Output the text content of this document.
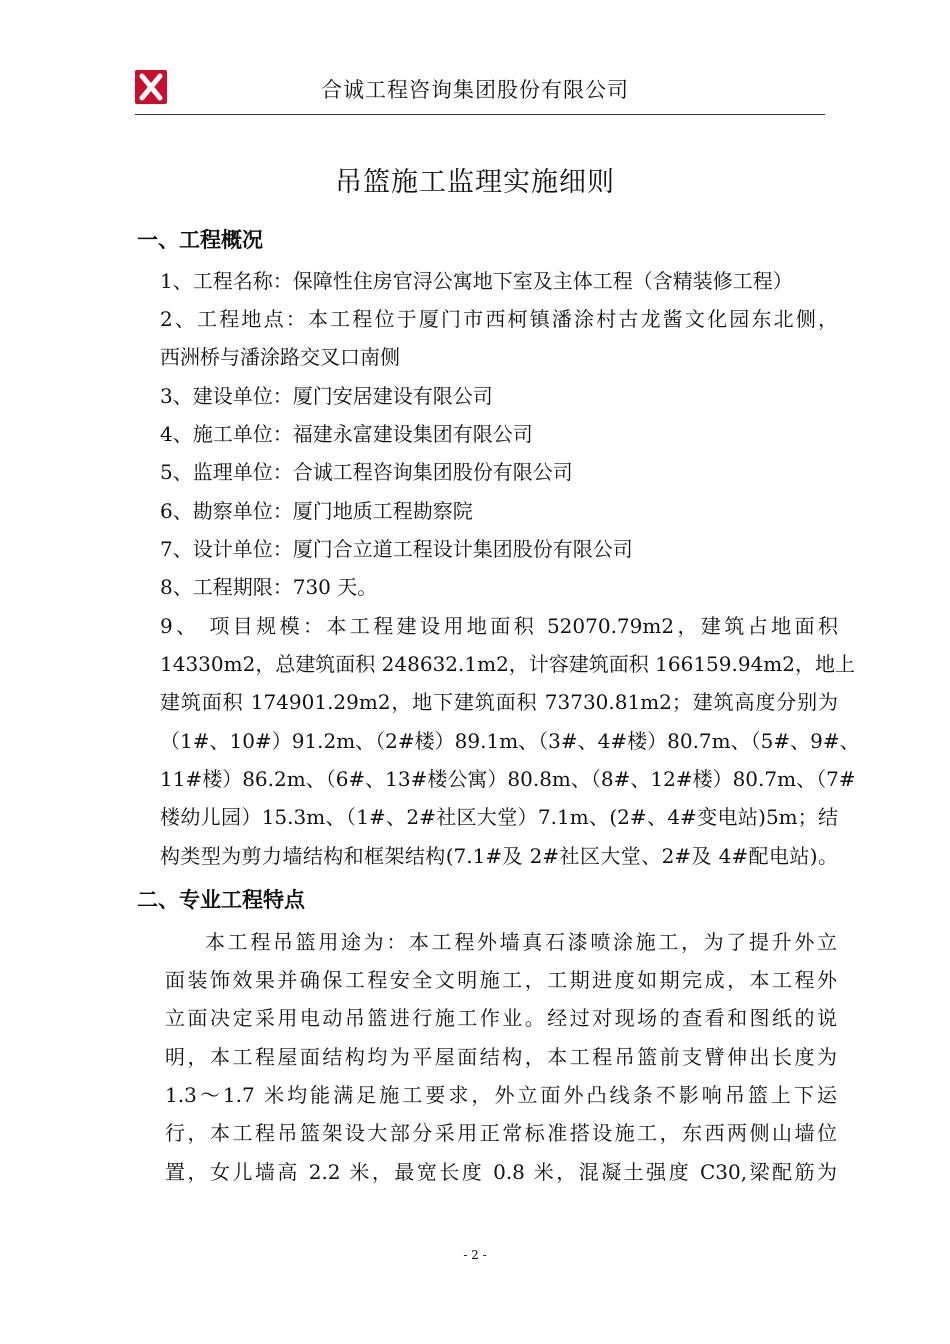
合诚工程咨询集团股份有限公司
吊篮施工监理实施细则
一、工程概况
1、工程名称：保障性住房官浔公寓地下室及主体工程（含精装修工程）
2、工程地点：本工程位于厦门市西柯镇潘涂村古龙酱文化园东北侧，
西洲桥与潘涂路交叉口南侧
3、建设单位：厦门安居建设有限公司
4、施工单位：福建永富建设集团有限公司
5、监理单位：合诚工程咨询集团股份有限公司
6、勘察单位：厦门地质工程勘察院
7、设计单位：厦门合立道工程设计集团股份有限公司
8、工程期限：730 天。
9、 项目规模：本工程建设用地面积 52070.79m2，建筑占地面积
14330m2，总建筑面积 248632.1m2，计容建筑面积 166159.94m2，地上
建筑面积 174901.29m2，地下建筑面积 73730.81m2；建筑高度分别为
（1#、10#）91.2m、（2#楼）89.1m、（3#、4#楼）80.7m、（5#、9#、
11#楼）86.2m、（6#、13#楼公寓）80.8m、（8#、12#楼）80.7m、（7#
楼幼儿园）15.3m、（1#、2#社区大堂）7.1m、(2#、4#变电站)5m；结
构类型为剪力墙结构和框架结构(7.1#及 2#社区大堂、2#及 4#配电站)。
二、专业工程特点
本工程吊篮用途为：本工程外墙真石漆喷涂施工，为了提升外立
面装饰效果并确保工程安全文明施工，工期进度如期完成，本工程外
立面决定采用电动吊篮进行施工作业。经过对现场的查看和图纸的说
明，本工程屋面结构均为平屋面结构，本工程吊篮前支臂伸出长度为
1.3～1.7 米均能满足施工要求，外立面外凸线条不影响吊篮上下运
行，本工程吊篮架设大部分采用正常标准搭设施工，东西两侧山墙位
置，女儿墙高 2.2 米，最宽长度 0.8 米，混凝土强度 C30,梁配筋为
- 2 -
